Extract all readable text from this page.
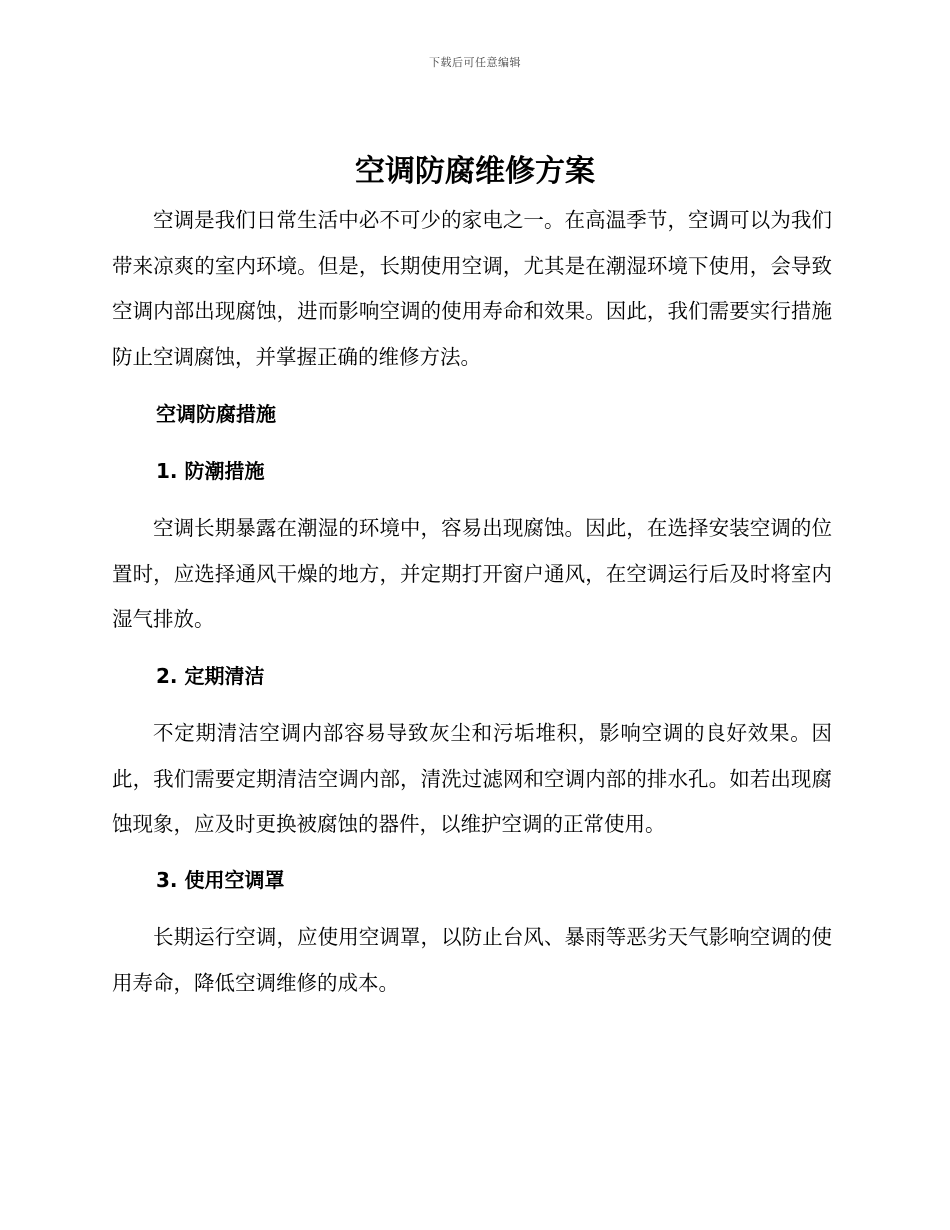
下载后可任意编辑
空调防腐维修方案

空调是我们日常生活中必不可少的家电之一。在高温季节，空调可以为我们带来凉爽的室内环境。但是，长期使用空调，尤其是在潮湿环境下使用，会导致空调内部出现腐蚀，进而影响空调的使用寿命和效果。因此，我们需要实行措施防止空调腐蚀，并掌握正确的维修方法。

空调防腐措施

1. 防潮措施

空调长期暴露在潮湿的环境中，容易出现腐蚀。因此，在选择安装空调的位置时，应选择通风干燥的地方，并定期打开窗户通风，在空调运行后及时将室内湿气排放。

2. 定期清洁

不定期清洁空调内部容易导致灰尘和污垢堆积，影响空调的良好效果。因此，我们需要定期清洁空调内部，清洗过滤网和空调内部的排水孔。如若出现腐蚀现象，应及时更换被腐蚀的器件，以维护空调的正常使用。

3. 使用空调罩

长期运行空调，应使用空调罩，以防止台风、暴雨等恶劣天气影响空调的使用寿命，降低空调维修的成本。
